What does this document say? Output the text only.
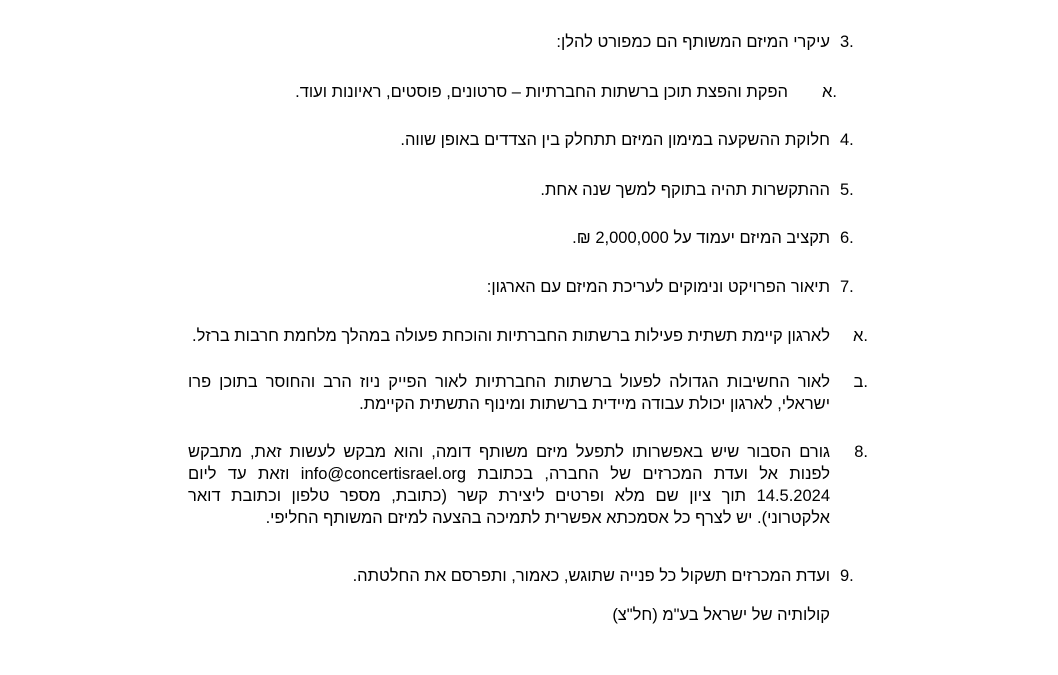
3.
עיקרי המיזם המשותף הם כמפורט להלן:
א.
הפקת והפצת תוכן ברשתות החברתיות – סרטונים, פוסטים, ראיונות ועוד.
4.
חלוקת ההשקעה במימון המיזם תתחלק בין הצדדים באופן שווה.
5.
ההתקשרות תהיה בתוקף למשך שנה אחת.
6.
תקציב המיזם יעמוד על 2,000,000 ₪.
7.
תיאור הפרויקט ונימוקים לעריכת המיזם עם הארגון:
א.
לארגון קיימת תשתית פעילות ברשתות החברתיות והוכחת פעולה במהלך מלחמת חרבות ברזל.
ב.
לאור החשיבות הגדולה לפעול ברשתות החברתיות לאור הפייק ניוז הרב והחוסר בתוכן פרו ישראלי, לארגון יכולת עבודה מיידית ברשתות ומינוף התשתית הקיימת.
8.
גורם הסבור שיש באפשרותו לתפעל מיזם משותף דומה, והוא מבקש לעשות זאת, מתבקש לפנות אל ועדת המכרזים של החברה, בכתובת info@concertisrael.org וזאת עד ליום 14.5.2024 תוך ציון שם מלא ופרטים ליצירת קשר (כתובת, מספר טלפון וכתובת דואר אלקטרוני). יש לצרף כל אסמכתא אפשרית לתמיכה בהצעה למיזם המשותף החליפי.
9.
ועדת המכרזים תשקול כל פנייה שתוגש, כאמור, ותפרסם את החלטתה.
קולותיה של ישראל בע"מ (חל"צ)
